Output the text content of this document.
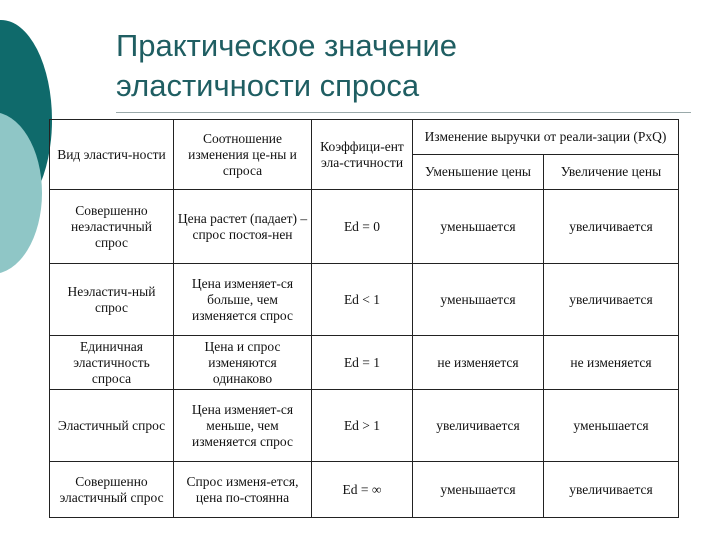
Практическое значение
эластичности спроса
Вид эластич-ности	Соотношение изменения це-ны и спроса	Коэффици-ент эла-стичности	Изменение выручки от реали-зации (PxQ)	

			Уменьшение цены	Увеличение цены

Совершенно неэластичный спрос	Цена растет (падает) – спрос постоя-нен	Ed = 0	уменьшается	увеличивается

Неэластич-ный спрос	Цена изменяет-ся больше, чем изменяется спрос	Ed < 1	уменьшается	увеличивается

Единичная эластичность спроса	Цена и спрос изменяются одинаково	Ed = 1	не изменяется	не изменяется

Эластичный спрос	Цена изменяет-ся меньше, чем изменяется спрос	Ed > 1	увеличивается	уменьшается

Совершенно эластичный спрос	Спрос изменя-ется, цена по-стоянна	Ed = ∞	уменьшается	увеличивается
